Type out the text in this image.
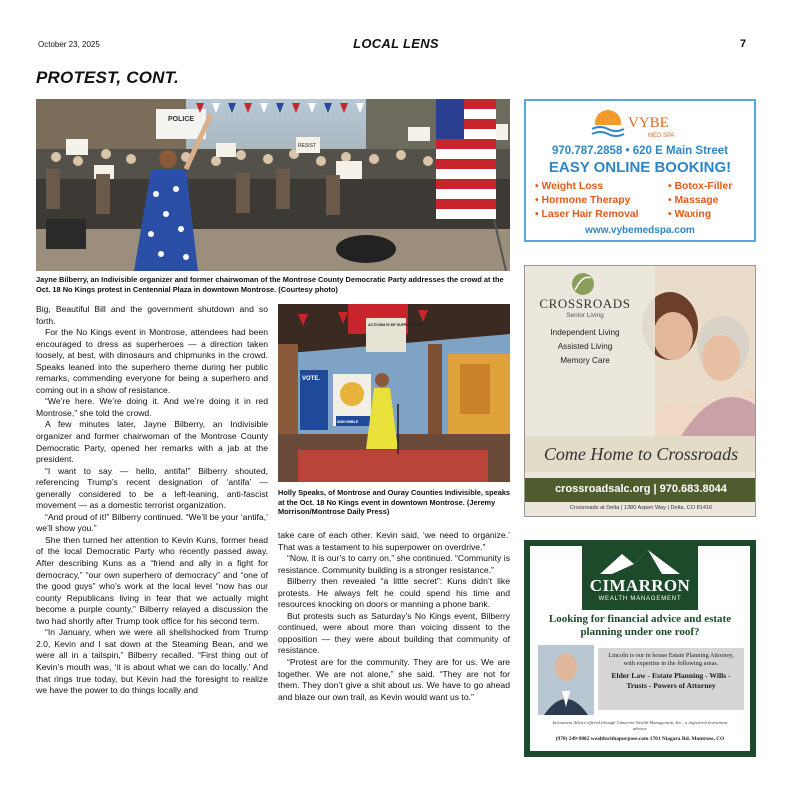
October 23, 2025	LOCAL LENS	7
PROTEST, CONT.
POLICE
RESIST
Jayne Bilberry, an Indivisible organizer and former chairwoman of the Montrose County Democratic Party addresses the crowd at the Oct. 18 No Kings protest in Centennial Plaza in downtown Montrose. (Courtesy photo)

Big, Beautiful Bill and the government shutdown and so forth.

For the No Kings event in Montrose, attendees had been encouraged to dress as superheroes — a direction taken loosely, at best, with dinosaurs and chipmunks in the crowd. Speaks leaned into the superhero theme during her public remarks, commending everyone for being a superhero and coming out in a show of resistance.

“We’re here. We’re doing it. And we’re doing it in red Montrose,” she told the crowd.

A few minutes later, Jayne Bilberry, an Indivisible organizer and former chairwoman of the Montrose County Democratic Party, opened her remarks with a jab at the president.

“I want to say — hello, antifa!” Bilberry shouted, referencing Trump’s recent designation of ‘antifa’ — generally considered to be a left-leaning, anti-fascist movement — as a domestic terrorist organization.

“And proud of it!” Bilberry continued. “We’ll be your ‘antifa,’ we’ll show you.”

She then turned her attention to Kevin Kuns, former head of the local Democratic Party who recently passed away. After describing Kuns as a “friend and ally in a fight for democracy,” “our own superhero of democracy” and “one of the good guys” who’s work at the local level “now has our county Republicans living in fear that we actually might become a purple county,” Bilberry relayed a discussion the two had shortly after Trump took office for his second term.

“In January, when we were all shellshocked from Trump 2.0, Kevin and I sat down at the Steaming Bean, and we were all in a tailspin,” Bilberry recalled. “First thing out of Kevin’s mouth was, ‘it is about what we can do locally.’ And that rings true today, but Kevin had the foresight to realize we have the power to do things locally and

ACTIVISM IS MY SUPERPOWER
VOTE.
INDIVISIBLE
Holly Speaks, of Montrose and Ouray Counties Indivisible, speaks at the Oct. 18 No Kings event in downtown Montrose. (Jeremy Morrison/Montrose Daily Press)

take care of each other. Kevin said, ‘we need to organize.’ That was a testament to his superpower on overdrive.”

“Now, it is our’s to carry on,” she continued. “Community is resistance. Community building is a stronger resistance.”

Bilberry then revealed “a little secret”: Kuns didn’t like protests. He always felt he could spend his time and resources knocking on doors or manning a phone bank.

But protests such as Saturday’s No Kings event, Bilberry continued, were about more than voicing dissent to the opposition — they were about building that community of resistance.

“Protest are for the community. They are for us. We are together. We are not alone,” she said. “They are not for them. They don’t give a shit about us. We have to go ahead and blaze our own trail, as Kevin would want us to.”

VYBE
MED SPA
970.787.2858 • 620 E Main Street
EASY ONLINE BOOKING!
• Weight Loss
• Hormone Therapy
• Laser Hair Removal
• Botox-Filler
• Massage
• Waxing
www.vybemedspa.com
CROSSROADS
Senior Living
Independent Living
Assisted Living
Memory Care
Come Home to Crossroads
crossroadsalc.org | 970.683.8044
Crossroads at Delta | 1380 Aspen Way | Delta, CO 81416
CIMARRON
WEALTH MANAGEMENT
Looking for financial advice and estate planning under one roof?
Lincoln is our in house Estate Planning Attorney, with expertise in the following areas.
Elder Law - Estate Planning - Wills - Trusts - Powers of Attorney
Investment Advice offered through Cimarron Wealth Management, Inc., a registered investment advisor.
(970) 249-9882 wealthwithapurpose.com 1701 Niagara Rd. Montrose, CO
